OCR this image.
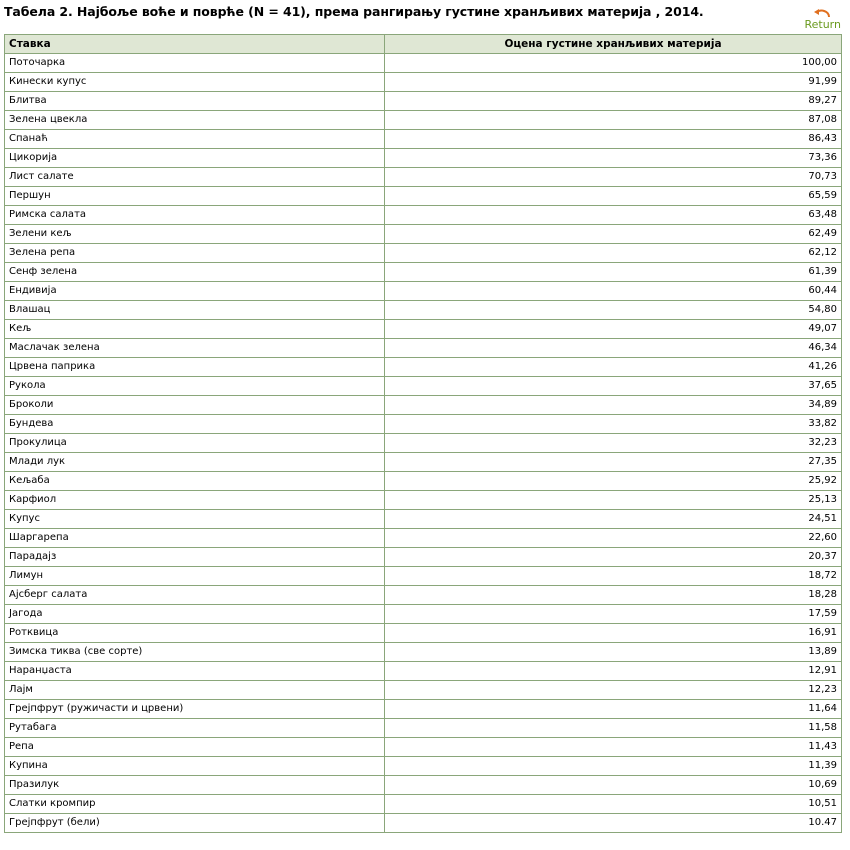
Табела 2. Најбоље воће и поврће (N = 41), према рангирању густине хранљивих материја , 2014.
Return
Ставка	Оцена густине хранљивих материја
Поточарка	100,00
Кинески купус	91,99
Блитва	89,27
Зелена цвекла	87,08
Спанаћ	86,43
Цикорија	73,36
Лист салате	70,73
Першун	65,59
Римска салата	63,48
Зелени кељ	62,49
Зелена репа	62,12
Сенф зелена	61,39
Ендивија	60,44
Влашац	54,80
Кељ	49,07
Маслачак зелена	46,34
Црвена паприка	41,26
Рукола	37,65
Броколи	34,89
Бундева	33,82
Прокулица	32,23
Млади лук	27,35
Кељаба	25,92
Карфиол	25,13
Купус	24,51
Шаргарепа	22,60
Парадајз	20,37
Лимун	18,72
Ајсберг салата	18,28
Јагода	17,59
Ротквица	16,91
Зимска тиква (све сорте)	13,89
Наранџаста	12,91
Лајм	12,23
Грејпфрут (ружичасти и црвени)	11,64
Рутабага	11,58
Репа	11,43
Купина	11,39
Празилук	10,69
Слатки кромпир	10,51
Грејпфрут (бели)	10.47
